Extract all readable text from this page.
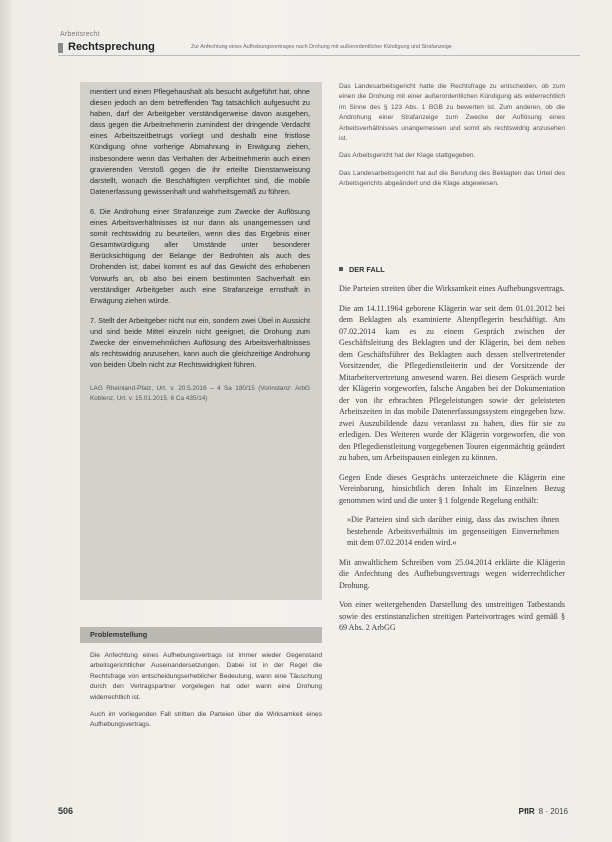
Arbeitsrecht
Rechtsprechung	Zur Anfechtung eines Aufhebungsvertrages nach Drohung mit außerordentlicher Kündigung und Strafanzeige

mentiert und einen Pflegehaushalt als besucht aufgeführt hat, ohne diesen jedoch an dem betreffenden Tag tatsächlich aufgesucht zu haben, darf der Arbeitgeber verständigerweise davon ausgehen, dass gegen die Arbeitnehmerin zumindest der dringende Verdacht eines Arbeitszeitbetrugs vorliegt und deshalb eine fristlose Kündigung ohne vorherige Abmahnung in Erwägung ziehen, insbesondere wenn das Verhalten der Arbeitnehmerin auch einen gravierenden Verstoß gegen die ihr erteilte Dienstanweisung darstellt, wonach die Beschäftigten verpflichtet sind, die mobile Datenerfassung gewissenhaft und wahrheitsgemäß zu führen.

6. Die Androhung einer Strafanzeige zum Zwecke der Auflösung eines Arbeitsverhältnisses ist nur dann als unangemessen und somit rechtswidrig zu beurteilen, wenn dies das Ergebnis einer Gesamtwürdigung aller Umstände unter besonderer Berücksichtigung der Belange der Bedrohten als auch des Drohenden ist; dabei kommt es auf das Gewicht des erhobenen Vorwurfs an, ob also bei einem bestimmten Sachverhalt ein verständiger Arbeitgeber auch eine Strafanzeige ernsthaft in Erwägung ziehen würde.

7. Stellt der Arbeitgeber nicht nur ein, sondern zwei Übel in Aussicht und sind beide Mittel einzeln nicht geeignet, die Drohung zum Zwecke der einvernehmlichen Auflösung des Arbeitsverhältnisses als rechtswidrig anzusehen, kann auch die gleichzeitige Androhung von beiden Übeln nicht zur Rechtswidrigkeit führen.

LAG Rheinland-Pfalz, Urt. v. 20.5.2016 – 4 Sa 180/15 (Vorinstanz: ArbG Koblenz, Urt. v. 15.01.2015, 6 Ca 435/14)

Problemstellung

Die Anfechtung eines Aufhebungsvertrags ist immer wieder Gegenstand arbeitsgerichtlicher Auseinandersetzungen. Dabei ist in der Regel die Rechtsfrage von entscheidungserheblicher Bedeutung, wann eine Täuschung durch den Vertragspartner vorgelegen hat oder wann eine Drohung widerrechtlich ist.

Auch im vorliegenden Fall stritten die Parteien über die Wirksamkeit eines Aufhebungsvertrags.

Das Landesarbeitsgericht hatte die Rechtsfrage zu entscheiden, ob zum einen die Drohung mit einer außerordentlichen Kündigung als widerrechtlich im Sinne des § 123 Abs. 1 BGB zu bewerten ist. Zum anderen, ob die Androhung einer Strafanzeige zum Zwecke der Auflösung eines Arbeitsverhältnisses unangemessen und somit als rechtswidrig anzusehen ist.

Das Arbeitsgericht hat der Klage stattgegeben.

Das Landesarbeitsgericht hat auf die Berufung des Beklagten das Urteil des Arbeitsgerichts abgeändert und die Klage abgewiesen.

DER FALL

Die Parteien streiten über die Wirksamkeit eines Aufhebungsvertrags.

Die am 14.11.1964 geborene Klägerin war seit dem 01.01.2012 bei dem Beklagten als examinierte Altenpflegerin beschäftigt. Am 07.02.2014 kam es zu einem Gespräch zwischen der Geschäftsleitung des Beklagten und der Klägerin, bei dem neben dem Geschäftsführer des Beklagten auch dessen stellvertretender Vorsitzender, die Pflegedienstleiterin und der Vorsitzende der Mitarbeitervertretung anwesend waren. Bei diesem Gespräch wurde der Klägerin vorgeworfen, falsche Angaben bei der Dokumentation der von ihr erbrachten Pflegeleistungen sowie der geleisteten Arbeitszeiten in das mobile Datenerfassungssystem eingegeben bzw. zwei Auszubildende dazu veranlasst zu haben, dies für sie zu erledigen. Des Weiteren wurde der Klägerin vorgeworfen, die von den Pflegedienstleitung vorgegebenen Touren eigenmächtig geändert zu haben, um Arbeitspausen einlegen zu können.

Gegen Ende dieses Gesprächs unterzeichnete die Klägerin eine Vereinbarung, hinsichtlich deren Inhalt im Einzelnen Bezug genommen wird und die unter § 1 folgende Regelung enthält:

»Die Parteien sind sich darüber einig, dass das zwischen ihnen bestehende Arbeitsverhältnis im gegenseitigen Einvernehmen mit dem 07.02.2014 enden wird.«

Mit anwaltlichem Schreiben vom 25.04.2014 erklärte die Klägerin die Anfechtung des Aufhebungsvertrags wegen widerrechtlicher Drohung.

Von einer weitergehenden Darstellung des unstreitigen Tatbestands sowie des erstinstanzlichen streitigen Parteivortrages wird gemäß § 69 Abs. 2 ArbGG

506	PflR 8 · 2016
